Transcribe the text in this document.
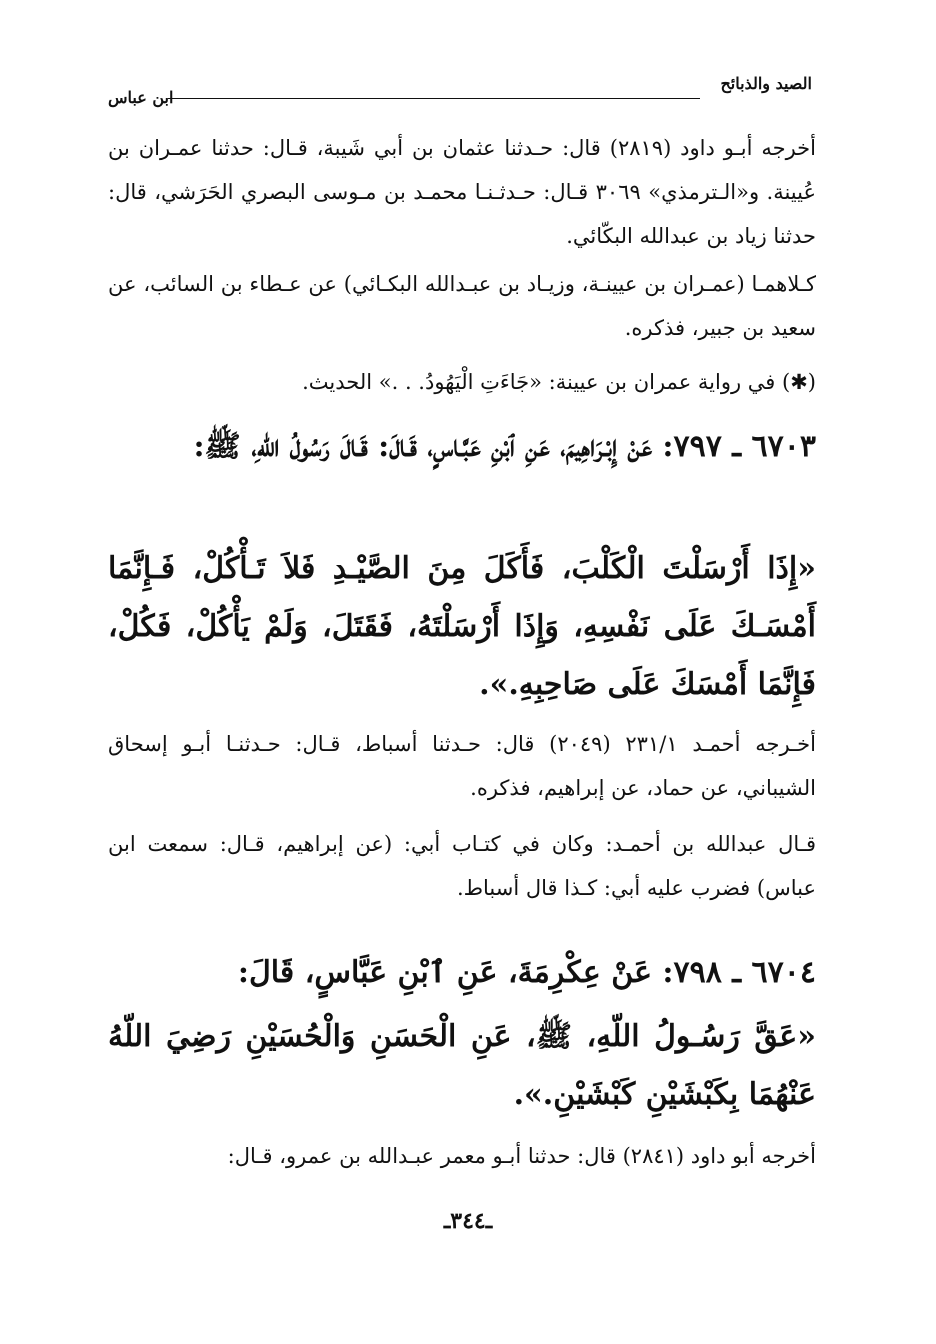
الصيد والذبائح
ابن عباس
أخرجه أبـو داود (٢٨١٩) قال: حـدثنا عثمان بن أبي شَيبة، قـال: حدثنا عمـران بن عُيينة. و«الـترمذي» ٣٠٦٩ قـال: حـدثـنـا محمـد بن مـوسى البصري الحَرَشي، قال: حدثنا زياد بن عبدالله البكّائي.
كـلاهمـا (عمـران بن عيينـة، وزيـاد بن عبـدالله البكـائي) عن عـطاء بن السائب، عن سعيد بن جبير، فذكره.
(✱) في رواية عمران بن عيينة: «جَاءَتِ الْيَهُودُ. . .» الحديث.
٦٧٠٣ ـ ٧٩٧: عَنْ إِبْـرَاهِيمَ، عَنِ ٱبْنِ عَبَّـاسٍ، قَـالَ: قَـالَ رَسُولُ اللّهِ، ﷺ:
«إِذَا أَرْسَلْتَ الْكَلْبَ، فَأَكَلَ مِنَ الصَّيْـدِ فَلاَ تَـأْكُلْ، فَـإِنَّمَا أَمْسَـكَ عَلَى نَفْسِهِ، وَإِذَا أَرْسَلْتَهُ، فَقَتَلَ، وَلَمْ يَأْكُلْ، فَكُلْ، فَإِنَّمَا أَمْسَكَ عَلَى صَاحِبِهِ.».
أخـرجه أحمـد ٢٣١/١ (٢٠٤٩) قال: حـدثنا أسباط، قـال: حـدثنـا أبـو إسحاق الشيباني، عن حماد، عن إبراهيم، فذكره.
قـال عبدالله بن أحمـد: وكان في كتـاب أبي: (عن إبراهيم، قـال: سمعت ابن عباس) فضرب عليه أبي: كـذا قال أسباط.
٦٧٠٤ ـ ٧٩٨: عَنْ عِكْرِمَةَ، عَنِ ٱبْنِ عَبَّاسٍ، قَالَ:
«عَقَّ رَسُـولُ اللّهِ، ﷺ، عَنِ الْحَسَنِ وَالْحُسَيْنِ رَضِيَ اللّهُ عَنْهُمَا بِكَبْشَيْنِ كَبْشَيْنِ.».
أخرجه أبو داود (٢٨٤١) قال: حدثنا أبـو معمر عبـدالله بن عمرو، قـال:
ـ٣٤٤ـ
